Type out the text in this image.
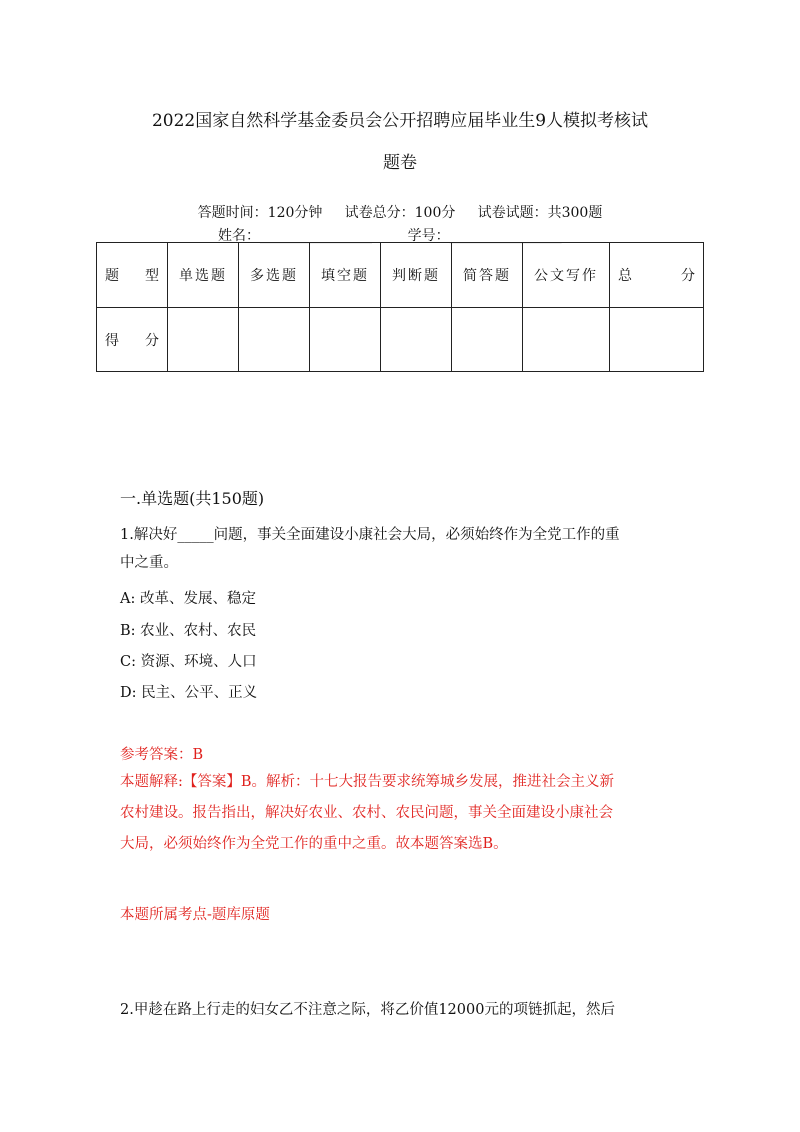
2022国家自然科学基金委员会公开招聘应届毕业生9人模拟考核试
题卷
答题时间：120分钟     试卷总分：100分     试卷试题：共300题
姓名：________________	学号：________________
题 型	单选题	多选题	填空题	判断题	简答题	公文写作	总 分

得 分							

一.单选题(共150题)
1.解决好_____问题，事关全面建设小康社会大局，必须始终作为全党工作的重
中之重。
A: 改革、发展、稳定
B: 农业、农村、农民
C: 资源、环境、人口
D: 民主、公平、正义
参考答案：B
本题解释:【答案】B。解析：十七大报告要求统筹城乡发展，推进社会主义新
农村建设。报告指出，解决好农业、农村、农民问题，事关全面建设小康社会
大局，必须始终作为全党工作的重中之重。故本题答案选B。
本题所属考点-题库原题
2.甲趁在路上行走的妇女乙不注意之际，将乙价值12000元的项链抓起，然后
